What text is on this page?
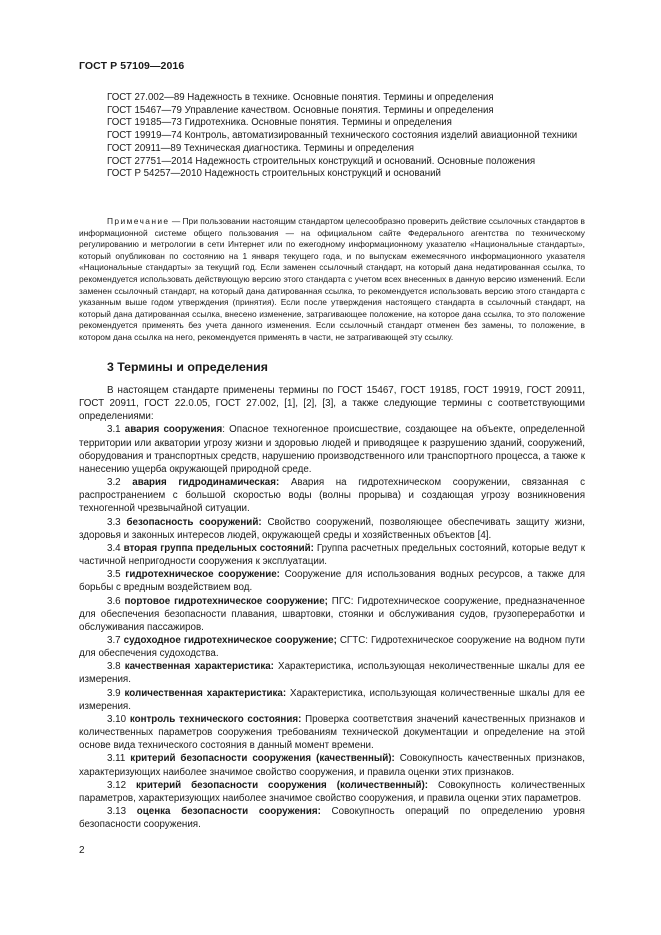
ГОСТ Р 57109—2016

ГОСТ 27.002—89 Надежность в технике. Основные понятия. Термины и определения

ГОСТ 15467—79 Управление качеством. Основные понятия. Термины и определения

ГОСТ 19185—73 Гидротехника. Основные понятия. Термины и определения

ГОСТ 19919—74 Контроль, автоматизированный технического состояния изделий авиационной техники

ГОСТ 20911—89 Техническая диагностика. Термины и определения

ГОСТ 27751—2014 Надежность строительных конструкций и оснований. Основные положения

ГОСТ Р 54257—2010 Надежность строительных конструкций и оснований

Примечание — При пользовании настоящим стандартом целесообразно проверить действие ссылочных стандартов в информационной системе общего пользования — на официальном сайте Федерального агентства по техническому регулированию и метрологии в сети Интернет или по ежегодному информационному указателю «Национальные стандарты», который опубликован по состоянию на 1 января текущего года, и по выпускам ежемесячного информационного указателя «Национальные стандарты» за текущий год. Если заменен ссылочный стандарт, на который дана недатированная ссылка, то рекомендуется использовать действующую версию этого стандарта с учетом всех внесенных в данную версию изменений. Если заменен ссылочный стандарт, на который дана датированная ссылка, то рекомендуется использовать версию этого стандарта с указанным выше годом утверждения (принятия). Если после утверждения настоящего стандарта в ссылочный стандарт, на который дана датированная ссылка, внесено изменение, затрагивающее положение, на которое дана ссылка, то это положение рекомендуется применять без учета данного изменения. Если ссылочный стандарт отменен без замены, то положение, в котором дана ссылка на него, рекомендуется применять в части, не затрагивающей эту ссылку.

3 Термины и определения

В настоящем стандарте применены термины по ГОСТ 15467, ГОСТ 19185, ГОСТ 19919, ГОСТ 20911, ГОСТ 20911, ГОСТ 22.0.05, ГОСТ 27.002, [1], [2], [3], а также следующие термины с соответствующими определениями:

3.1 авария сооружения: Опасное техногенное происшествие, создающее на объекте, определенной территории или акватории угрозу жизни и здоровью людей и приводящее к разрушению зданий, сооружений, оборудования и транспортных средств, нарушению производственного или транспортного процесса, а также к нанесению ущерба окружающей природной среде.

3.2 авария гидродинамическая: Авария на гидротехническом сооружении, связанная с распространением с большой скоростью воды (волны прорыва) и создающая угрозу возникновения техногенной чрезвычайной ситуации.

3.3 безопасность сооружений: Свойство сооружений, позволяющее обеспечивать защиту жизни, здоровья и законных интересов людей, окружающей среды и хозяйственных объектов [4].

3.4 вторая группа предельных состояний: Группа расчетных предельных состояний, которые ведут к частичной непригодности сооружения к эксплуатации.

3.5 гидротехническое сооружение: Сооружение для использования водных ресурсов, а также для борьбы с вредным воздействием вод.

3.6 портовое гидротехническое сооружение; ПГС: Гидротехническое сооружение, предназначенное для обеспечения безопасности плавания, швартовки, стоянки и обслуживания судов, грузопереработки и обслуживания пассажиров.

3.7 судоходное гидротехническое сооружение; СГТС: Гидротехническое сооружение на водном пути для обеспечения судоходства.

3.8 качественная характеристика: Характеристика, использующая неколичественные шкалы для ее измерения.

3.9 количественная характеристика: Характеристика, использующая количественные шкалы для ее измерения.

3.10 контроль технического состояния: Проверка соответствия значений качественных признаков и количественных параметров сооружения требованиям технической документации и определение на этой основе вида технического состояния в данный момент времени.

3.11 критерий безопасности сооружения (качественный): Совокупность качественных признаков, характеризующих наиболее значимое свойство сооружения, и правила оценки этих признаков.

3.12 критерий безопасности сооружения (количественный): Совокупность количественных параметров, характеризующих наиболее значимое свойство сооружения, и правила оценки этих параметров.

3.13 оценка безопасности сооружения: Совокупность операций по определению уровня безопасности сооружения.

2
